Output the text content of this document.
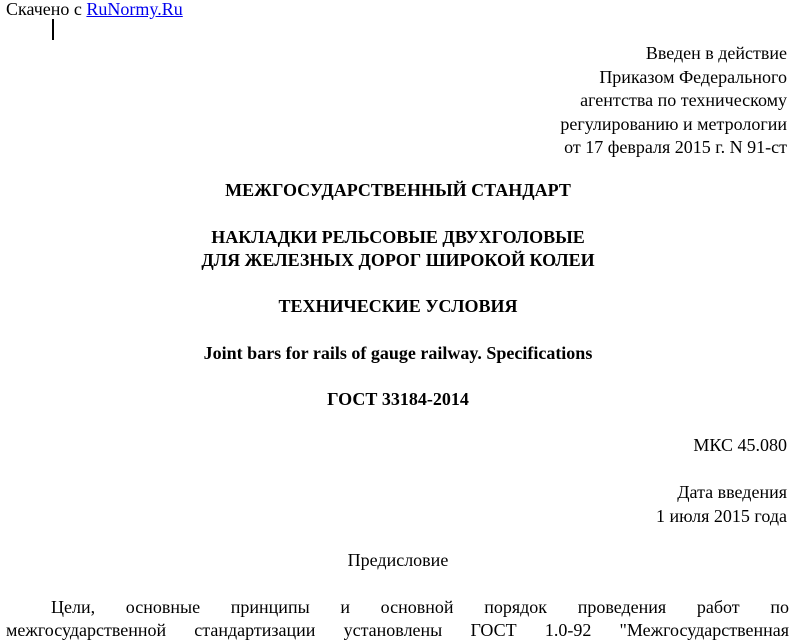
Скачено с RuNormy.Ru
Введен в действие
Приказом Федерального
агентства по техническому
регулированию и метрологии
от 17 февраля 2015 г. N 91-ст
МЕЖГОСУДАРСТВЕННЫЙ СТАНДАРТ
НАКЛАДКИ РЕЛЬСОВЫЕ ДВУХГОЛОВЫЕ
ДЛЯ ЖЕЛЕЗНЫХ ДОРОГ ШИРОКОЙ КОЛЕИ
ТЕХНИЧЕСКИЕ УСЛОВИЯ
Joint bars for rails of gauge railway. Specifications
ГОСТ 33184-2014
МКС 45.080
Дата введения
1 июля 2015 года
Предисловие
Цели, основные принципы и основной порядок проведения работ по
межгосударственной стандартизации установлены ГОСТ 1.0-92 "Межгосударственная
